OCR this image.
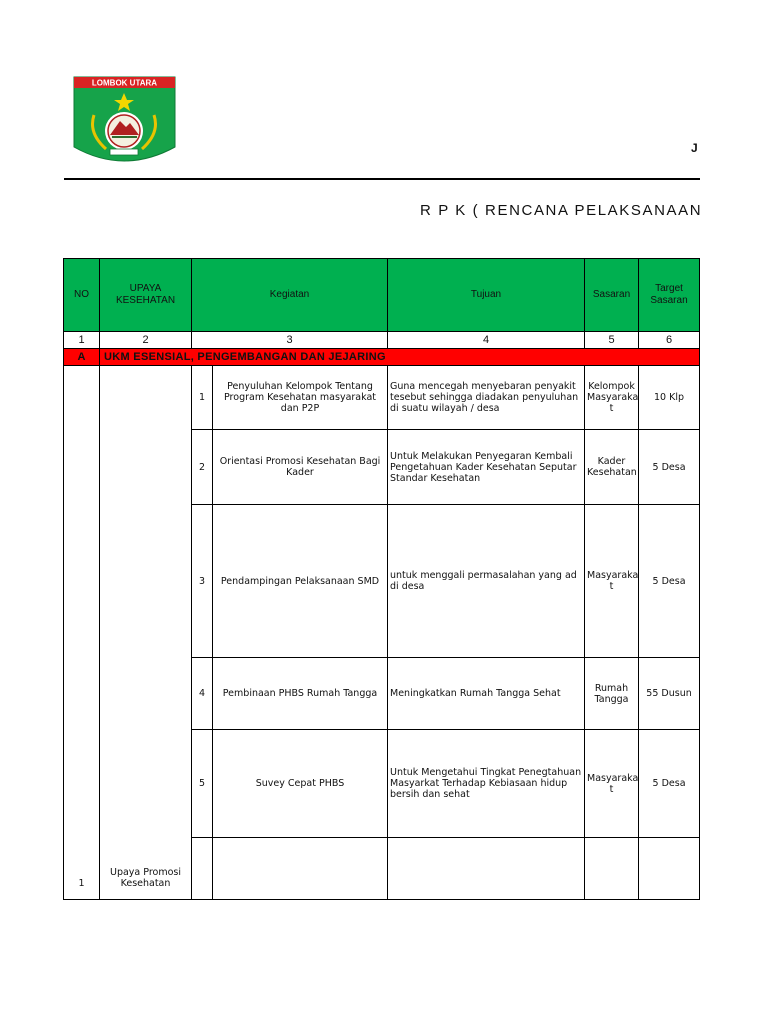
LOMBOK UTARA
J
R P K ( RENCANA PELAKSANAAN
NO	UPAYA KESEHATAN	Kegiatan		Tujuan	Sasaran	Target Sasaran
1	2	3		4	5	6
A	UKM ESENSIAL, PENGEMBANGAN DAN JEJARING					
1	Upaya Promosi Kesehatan	1	Penyuluhan Kelompok Tentang Program Kesehatan masyarakat dan P2P	Guna mencegah menyebaran penyakit tesebut sehingga diadakan penyuluhan di suatu wilayah / desa	Kelompok Masyaraka t	10 Klp
		2	Orientasi Promosi Kesehatan Bagi Kader	Untuk Melakukan Penyegaran Kembali Pengetahuan Kader Kesehatan Seputar Standar Kesehatan	Kader Kesehatan	5 Desa
		3	Pendampingan Pelaksanaan SMD	untuk menggali permasalahan yang ad di desa	Masyaraka t	5 Desa
		4	Pembinaan PHBS Rumah Tangga	Meningkatkan Rumah Tangga Sehat	Rumah Tangga	55 Dusun
		5	Suvey Cepat PHBS	Untuk Mengetahui Tingkat Penegtahuan Masyarkat Terhadap Kebiasaan hidup bersih dan sehat	Masyaraka t	5 Desa
